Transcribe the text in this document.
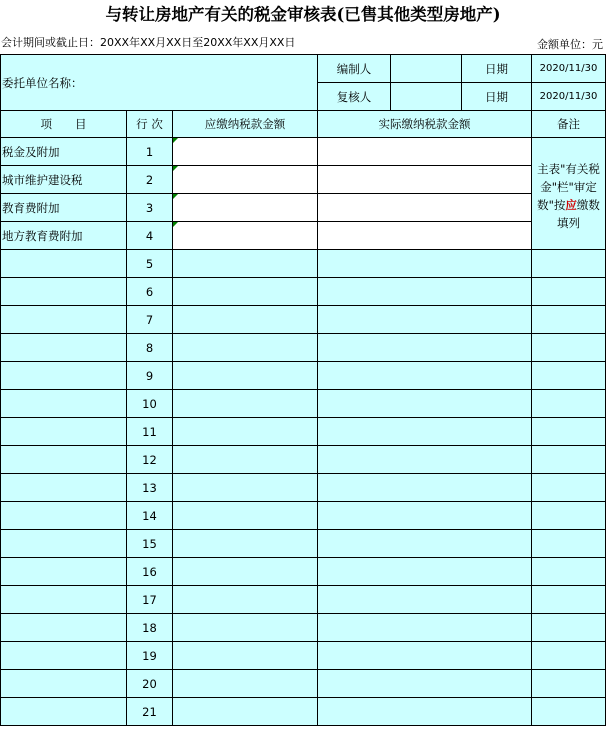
与转让房地产有关的税金审核表(已售其他类型房地产)
会计期间或截止日：20XX年XX月XX日至20XX年XX月XX日	金额单位：元
委托单位名称：			编制人 日期	2020/11/30

			复核人 日期	2020/11/30
项　　目	行 次	应缴纳税款金额	实际缴纳税款金额	备注
税金及附加	1			主表"有关税金"栏"审定数"按应缴数填列
城市维护建设税	2			
教育费附加	3			
地方教育费附加	4			
	5			
	6			
	7			
	8			
	9			
	10			
	11			
	12			
	13			
	14			
	15			
	16			
	17			
	18			
	19			
	20			
	21			
